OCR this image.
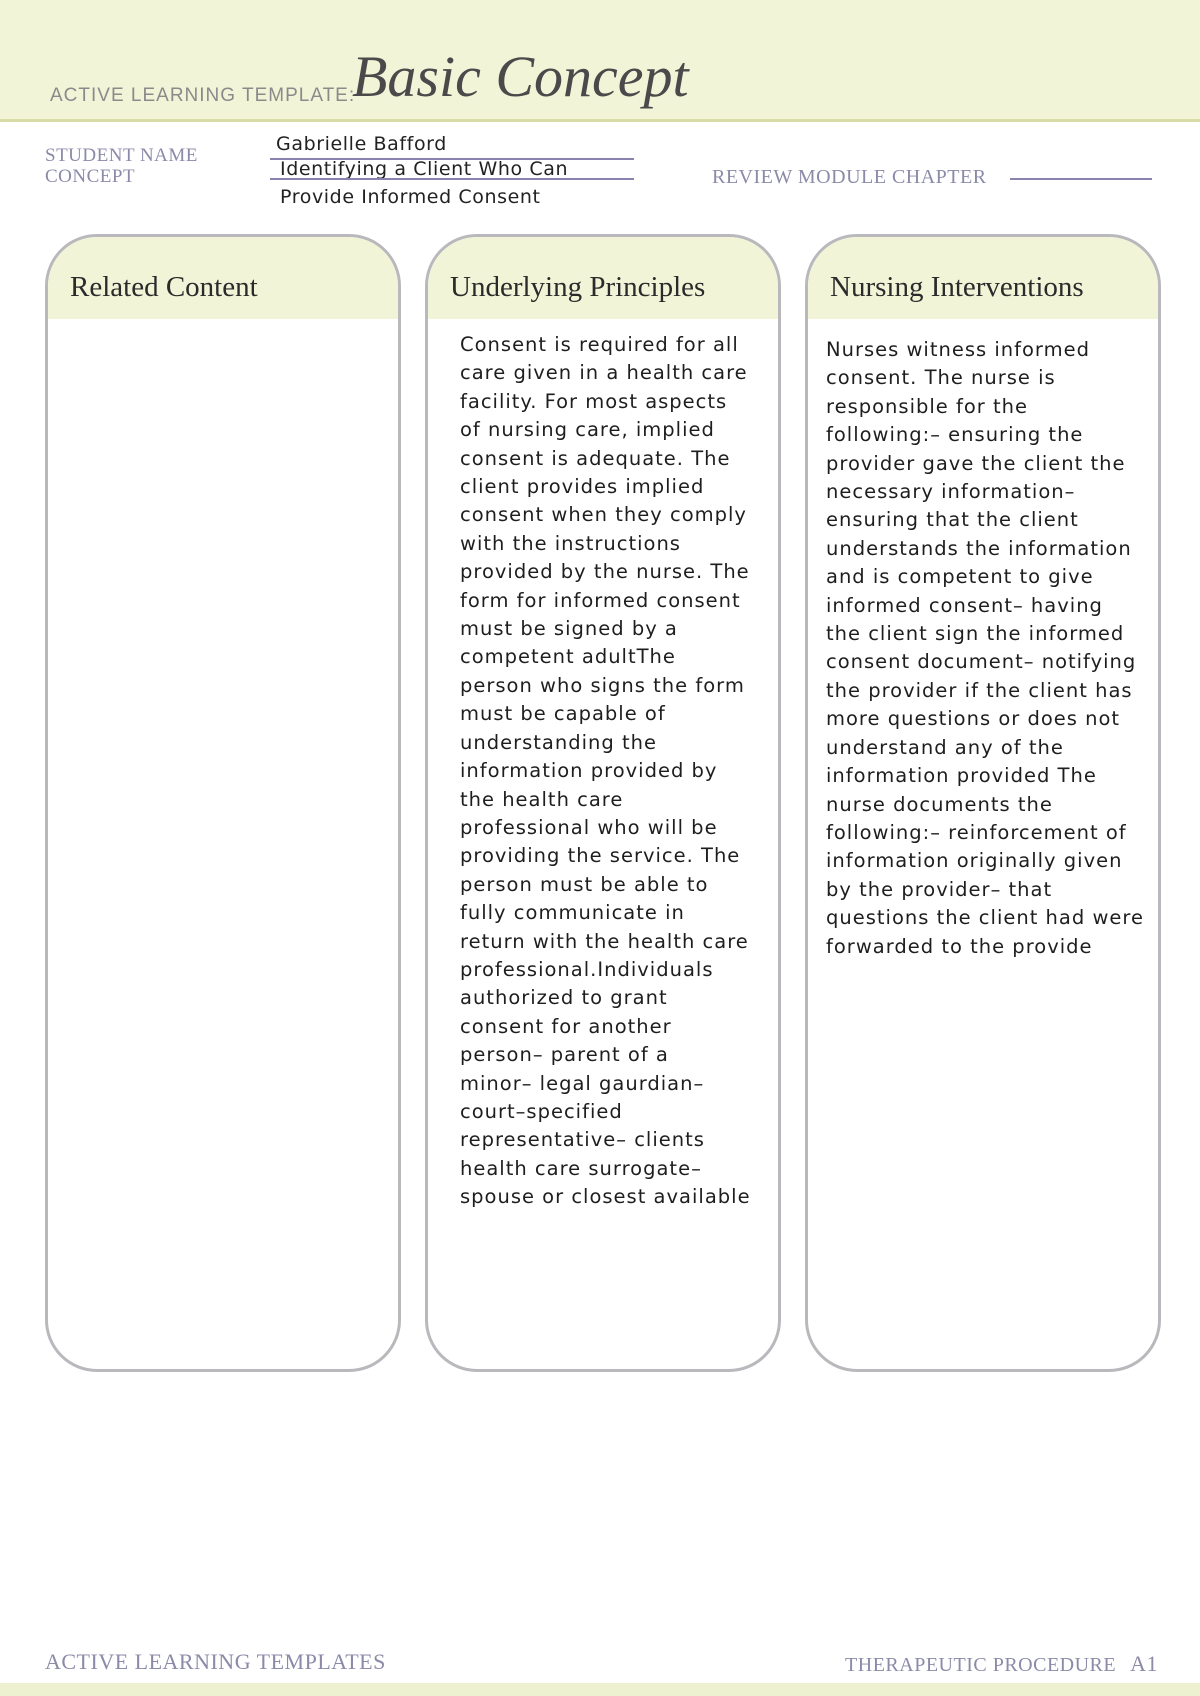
ACTIVE LEARNING TEMPLATE:
Basic Concept
STUDENT NAME
CONCEPT
Gabrielle Bafford
Identifying a Client Who Can
Provide Informed Consent
REVIEW MODULE CHAPTER
Related Content	Underlying Principles
Consent is required for all
care given in a health care
facility. For most aspects
of nursing care, implied
consent is adequate. The
client provides implied
consent when they comply
with the instructions
provided by the nurse. The
form for informed consent
must be signed by a
competent adultThe
person who signs the form
must be capable of
understanding the
information provided by
the health care
professional who will be
providing the service. The
person must be able to
fully communicate in
return with the health care
professional.Individuals
authorized to grant
consent for another
person– parent of a
minor– legal gaurdian–
court–specified
representative– clients
health care surrogate–
spouse or closest available
Nursing Interventions
Nurses witness informed
consent. The nurse is
responsible for the
following:– ensuring the
provider gave the client the
necessary information–
ensuring that the client
understands the information
and is competent to give
informed consent– having
the client sign the informed
consent document– notifying
the provider if the client has
more questions or does not
understand any of the
information provided The
nurse documents the
following:– reinforcement of
information originally given
by the provider– that
questions the client had were
forwarded to the provide
ACTIVE LEARNING TEMPLATES	THERAPEUTIC PROCEDURE A1
